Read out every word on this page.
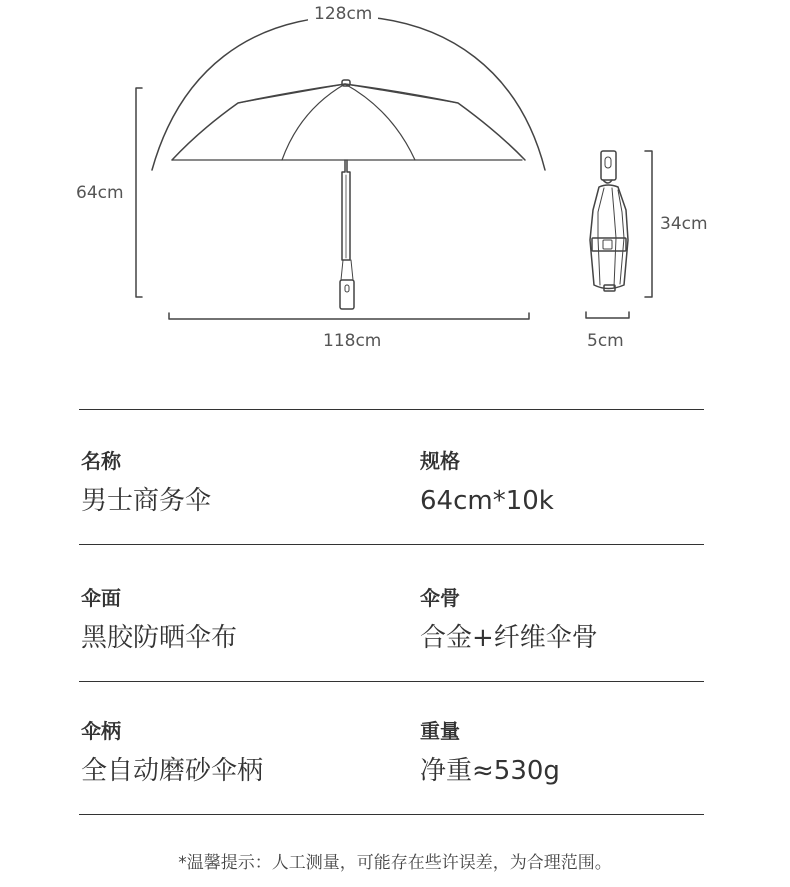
128cm
64cm
118cm
34cm
5cm
名称
男士商务伞
规格
64cm*10k
伞面
黑胶防晒伞布
伞骨
合金+纤维伞骨
伞柄
全自动磨砂伞柄
重量
净重≈530g
*温馨提示：人工测量，可能存在些许误差，为合理范围。
